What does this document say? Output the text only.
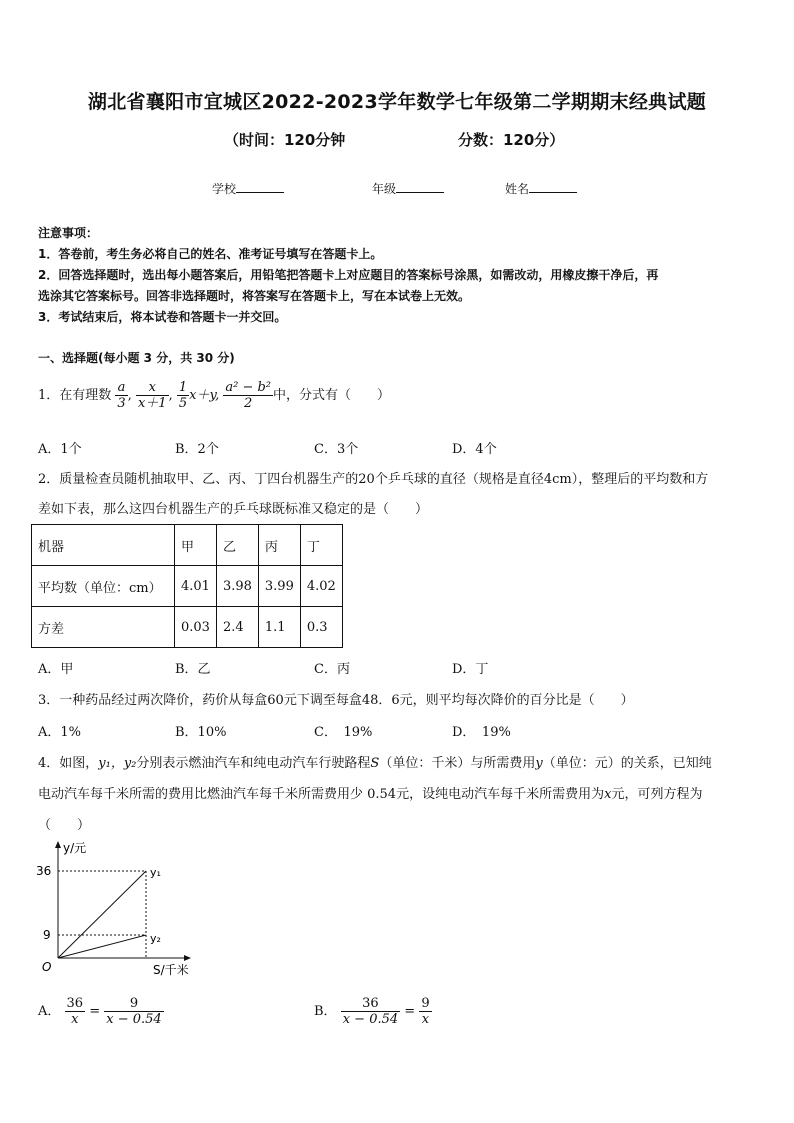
湖北省襄阳市宜城区2022-2023学年数学七年级第二学期期末经典试题
（时间：120分钟	分数：120分）
学校	年级	姓名
注意事项：
1．答卷前，考生务必将自己的姓名、准考证号填写在答题卡上。
2．回答选择题时，选出每小题答案后，用铅笔把答题卡上对应题目的答案标号涂黑，如需改动，用橡皮擦干净后，再
选涂其它答案标号。回答非选择题时，将答案写在答题卡上，写在本试卷上无效。
3．考试结束后，将本试卷和答题卡一并交回。
一、选择题(每小题 3 分，共 30 分)
1．在有理数 $\frac{a}{3}$ , $\frac{x}{x+1}$ , $\frac{1}{5} x+y$, $\frac{\text{a² − b²}}{2}$ 中，分式有（　　）
A．1个	B．2个	C．3个	D．4个
2．质量检查员随机抽取甲、乙、丙、丁四台机器生产的20个乒乓球的直径（规格是直径4cm），整理后的平均数和方
差如下表，那么这四台机器生产的乒乓球既标准又稳定的是（　　）
机器	甲	乙	丙	丁
平均数（单位：cm）	4.01	3.98	3.99	4.02
方差	0.03	2.4	1.1	0.3
A．甲	B．乙	C．丙	D．丁
3．一种药品经过两次降价，药价从每盒60元下调至每盒48．6元，则平均每次降价的百分比是（　　）
A．1%	B．10%	C．　19%	D．　19%
4．如图，y₁，y₂分别表示燃油汽车和纯电动汽车行驶路程S（单位：千米）与所需费用y（单位：元）的关系，已知纯
电动汽车每千米所需的费用比燃油汽车每千米所需费用少 0.54元，设纯电动汽车每千米所需费用为x元，可列方程为
（　　）
y/元
S/千米
O
36
9
y₁
y₂
A． $\frac{36}{x} = \frac{9}{x - 0.54}$	B． $\frac{36}{x - 0.54} = \frac{9}{x}$
